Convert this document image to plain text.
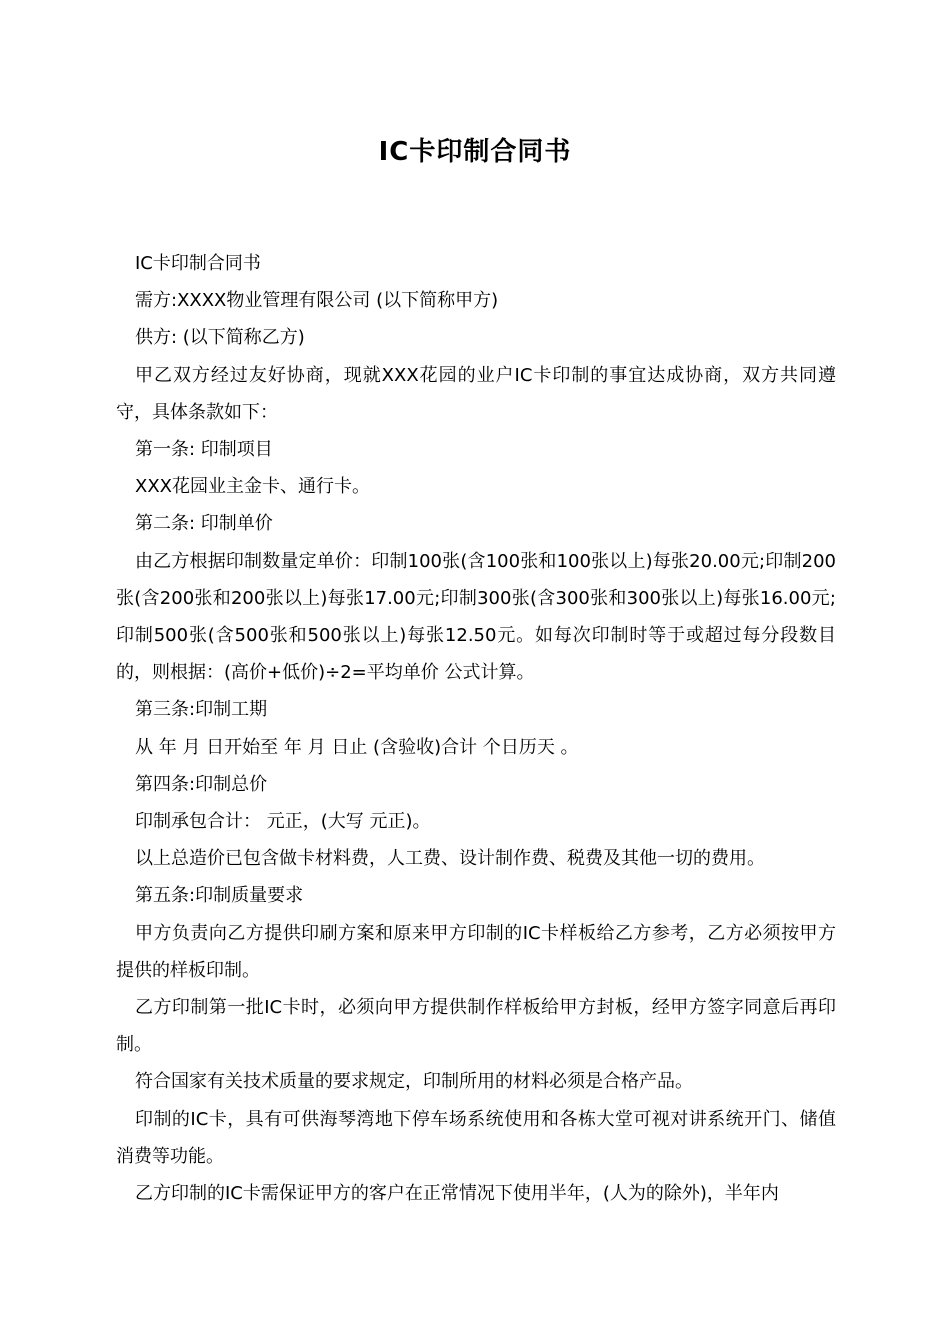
IC卡印制合同书

IC卡印制合同书

需方:XXXX物业管理有限公司 (以下简称甲方)

供方: (以下简称乙方)

甲乙双方经过友好协商，现就XXX花园的业户IC卡印制的事宜达成协商，双方共同遵守，具体条款如下：

第一条: 印制项目

XXX花园业主金卡、通行卡。

第二条: 印制单价

由乙方根据印制数量定单价：印制100张(含100张和100张以上)每张20.00元;印制200张(含200张和200张以上)每张17.00元;印制300张(含300张和300张以上)每张16.00元;印制500张(含500张和500张以上)每张12.50元。如每次印制时等于或超过每分段数目的，则根据：(高价+低价)÷2=平均单价 公式计算。

第三条:印制工期

从 年 月 日开始至 年 月 日止 (含验收)合计 个日历天 。

第四条:印制总价

印制承包合计： 元正，(大写 元正)。

以上总造价已包含做卡材料费，人工费、设计制作费、税费及其他一切的费用。

第五条:印制质量要求

甲方负责向乙方提供印刷方案和原来甲方印制的IC卡样板给乙方参考，乙方必须按甲方提供的样板印制。

乙方印制第一批IC卡时，必须向甲方提供制作样板给甲方封板，经甲方签字同意后再印制。

符合国家有关技术质量的要求规定，印制所用的材料必须是合格产品。

印制的IC卡，具有可供海琴湾地下停车场系统使用和各栋大堂可视对讲系统开门、储值消费等功能。

乙方印制的IC卡需保证甲方的客户在正常情况下使用半年，(人为的除外)，半年内
